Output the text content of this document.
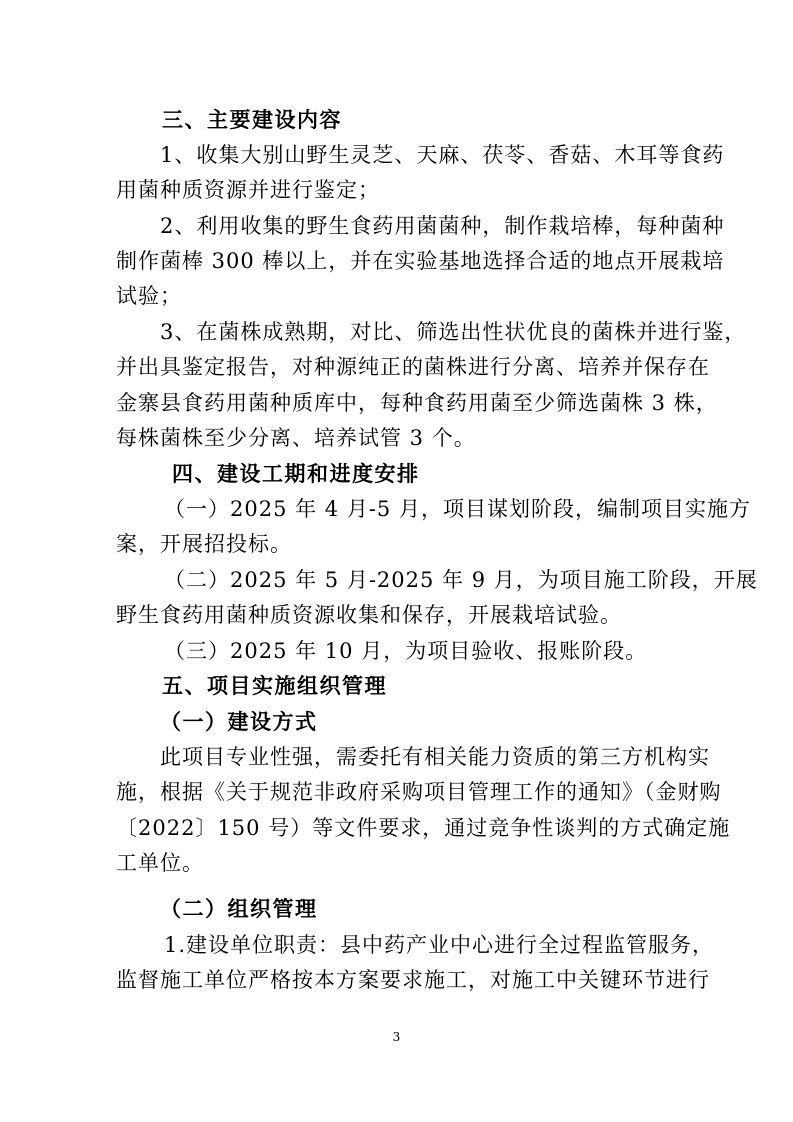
三、主要建设内容
1、收集大别山野生灵芝、天麻、茯苓、香菇、木耳等食药
用菌种质资源并进行鉴定；
2、利用收集的野生食药用菌菌种，制作栽培棒，每种菌种
制作菌棒 300 棒以上，并在实验基地选择合适的地点开展栽培
试验；
3、在菌株成熟期，对比、筛选出性状优良的菌株并进行鉴，
并出具鉴定报告，对种源纯正的菌株进行分离、培养并保存在
金寨县食药用菌种质库中，每种食药用菌至少筛选菌株 3 株，
每株菌株至少分离、培养试管 3 个。
四、建设工期和进度安排
（一）2025 年 4 月-5 月，项目谋划阶段，编制项目实施方
案，开展招投标。
（二）2025 年 5 月-2025 年 9 月，为项目施工阶段，开展
野生食药用菌种质资源收集和保存，开展栽培试验。
（三）2025 年 10 月，为项目验收、报账阶段。
五、项目实施组织管理
（一）建设方式
此项目专业性强，需委托有相关能力资质的第三方机构实
施，根据《关于规范非政府采购项目管理工作的通知》（金财购
〔2022〕150 号）等文件要求，通过竞争性谈判的方式确定施
工单位。
（二）组织管理
1.建设单位职责：县中药产业中心进行全过程监管服务，
监督施工单位严格按本方案要求施工，对施工中关键环节进行
3
